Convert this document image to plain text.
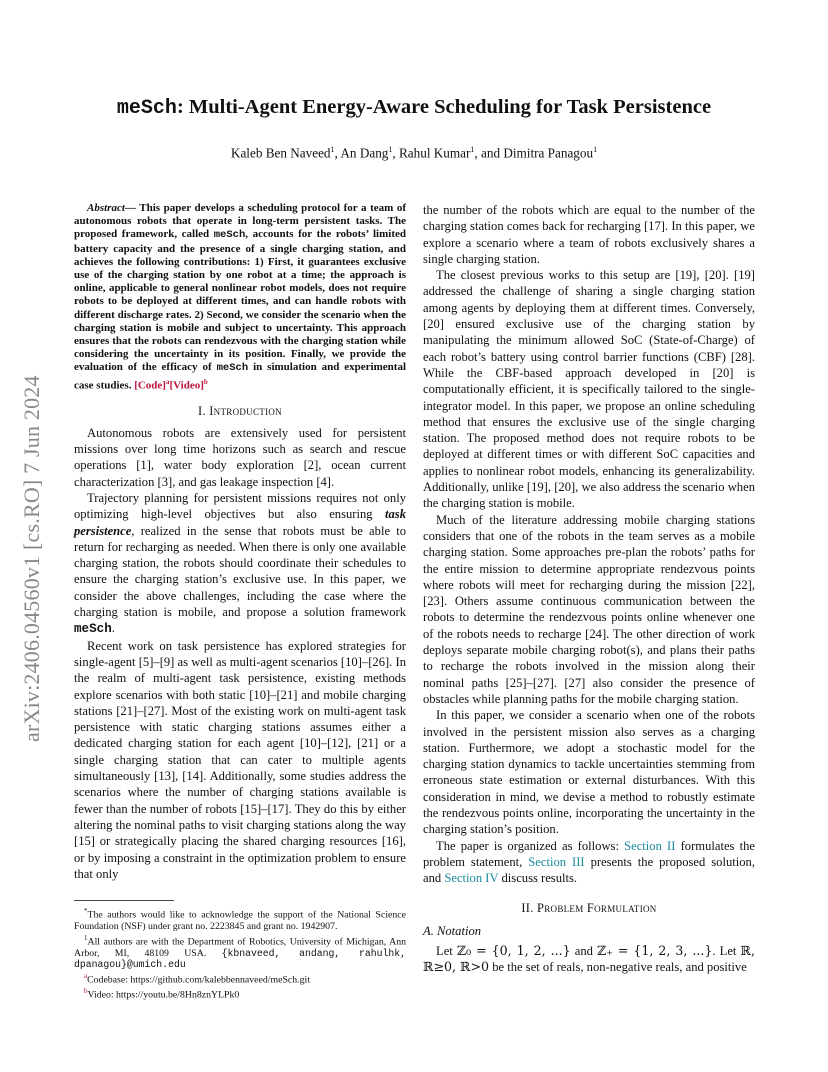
arXiv:2406.04560v1 [cs.RO] 7 Jun 2024
meSch: Multi-Agent Energy-Aware Scheduling for Task Persistence
Kaleb Ben Naveed$^1$, An Dang$^1$, Rahul Kumar$^1$, and Dimitra Panagou$^1$

Abstract— This paper develops a scheduling protocol for a team of autonomous robots that operate in long-term persistent tasks. The proposed framework, called meSch, accounts for the robots’ limited battery capacity and the presence of a single charging station, and achieves the following contributions: 1) First, it guarantees exclusive use of the charging station by one robot at a time; the approach is online, applicable to general nonlinear robot models, does not require robots to be deployed at different times, and can handle robots with different discharge rates. 2) Second, we consider the scenario when the charging station is mobile and subject to uncertainty. This approach ensures that the robots can rendezvous with the charging station while considering the uncertainty in its position. Finally, we provide the evaluation of the efficacy of meSch in simulation and experimental case studies. [Code]$^a$[Video]$^b$

I. Introduction

Autonomous robots are extensively used for persistent missions over long time horizons such as search and rescue operations [1], water body exploration [2], ocean current characterization [3], and gas leakage inspection [4].

Trajectory planning for persistent missions requires not only optimizing high-level objectives but also ensuring task persistence, realized in the sense that robots must be able to return for recharging as needed. When there is only one available charging station, the robots should coordinate their schedules to ensure the charging station’s exclusive use. In this paper, we consider the above challenges, including the case where the charging station is mobile, and propose a solution framework meSch.

Recent work on task persistence has explored strategies for single-agent [5]–[9] as well as multi-agent scenarios [10]–[26]. In the realm of multi-agent task persistence, existing methods explore scenarios with both static [10]–[21] and mobile charging stations [21]–[27]. Most of the existing work on multi-agent task persistence with static charging stations assumes either a dedicated charging station for each agent [10]–[12], [21] or a single charging station that can cater to multiple agents simultaneously [13], [14]. Additionally, some studies address the scenarios where the number of charging stations available is fewer than the number of robots [15]–[17]. They do this by either altering the nominal paths to visit charging stations along the way [15] or strategically placing the shared charging resources [16], or by imposing a constraint in the optimization problem to ensure that only

*The authors would like to acknowledge the support of the National Science Foundation (NSF) under grant no. 2223845 and grant no. 1942907.

$^1$All authors are with the Department of Robotics, University of Michigan, Ann Arbor, MI, 48109 USA. {kbnaveed, andang, rahulhk, dpanagou}@umich.edu

$^a$Codebase: https://github.com/kalebbennaveed/meSch.git

$^b$Video: https://youtu.be/8Hn8znYLPk0

the number of the robots which are equal to the number of the charging station comes back for recharging [17]. In this paper, we explore a scenario where a team of robots exclusively shares a single charging station.

The closest previous works to this setup are [19], [20]. [19] addressed the challenge of sharing a single charging station among agents by deploying them at different times. Conversely, [20] ensured exclusive use of the charging station by manipulating the minimum allowed SoC (State-of-Charge) of each robot’s battery using control barrier functions (CBF) [28]. While the CBF-based approach developed in [20] is computationally efficient, it is specifically tailored to the single-integrator model. In this paper, we propose an online scheduling method that ensures the exclusive use of the single charging station. The proposed method does not require robots to be deployed at different times or with different SoC capacities and applies to nonlinear robot models, enhancing its generalizability. Additionally, unlike [19], [20], we also address the scenario when the charging station is mobile.

Much of the literature addressing mobile charging stations considers that one of the robots in the team serves as a mobile charging station. Some approaches pre-plan the robots’ paths for the entire mission to determine appropriate rendezvous points where robots will meet for recharging during the mission [22], [23]. Others assume continuous communication between the robots to determine the rendezvous points online whenever one of the robots needs to recharge [24]. The other direction of work deploys separate mobile charging robot(s), and plans their paths to recharge the robots involved in the mission along their nominal paths [25]–[27]. [27] also consider the presence of obstacles while planning paths for the mobile charging station.

In this paper, we consider a scenario when one of the robots involved in the persistent mission also serves as a charging station. Furthermore, we adopt a stochastic model for the charging station dynamics to tackle uncertainties stemming from erroneous state estimation or external disturbances. With this consideration in mind, we devise a method to robustly estimate the rendezvous points online, incorporating the uncertainty in the charging station’s position.

The paper is organized as follows: Section II formulates the problem statement, Section III presents the proposed solution, and Section IV discuss results.

II. Problem Formulation
A. Notation

Let ℤ₀ = {0, 1, 2, ...} and ℤ₊ = {1, 2, 3, ...}. Let ℝ, ℝ≥0, ℝ>0 be the set of reals, non-negative reals, and positive
